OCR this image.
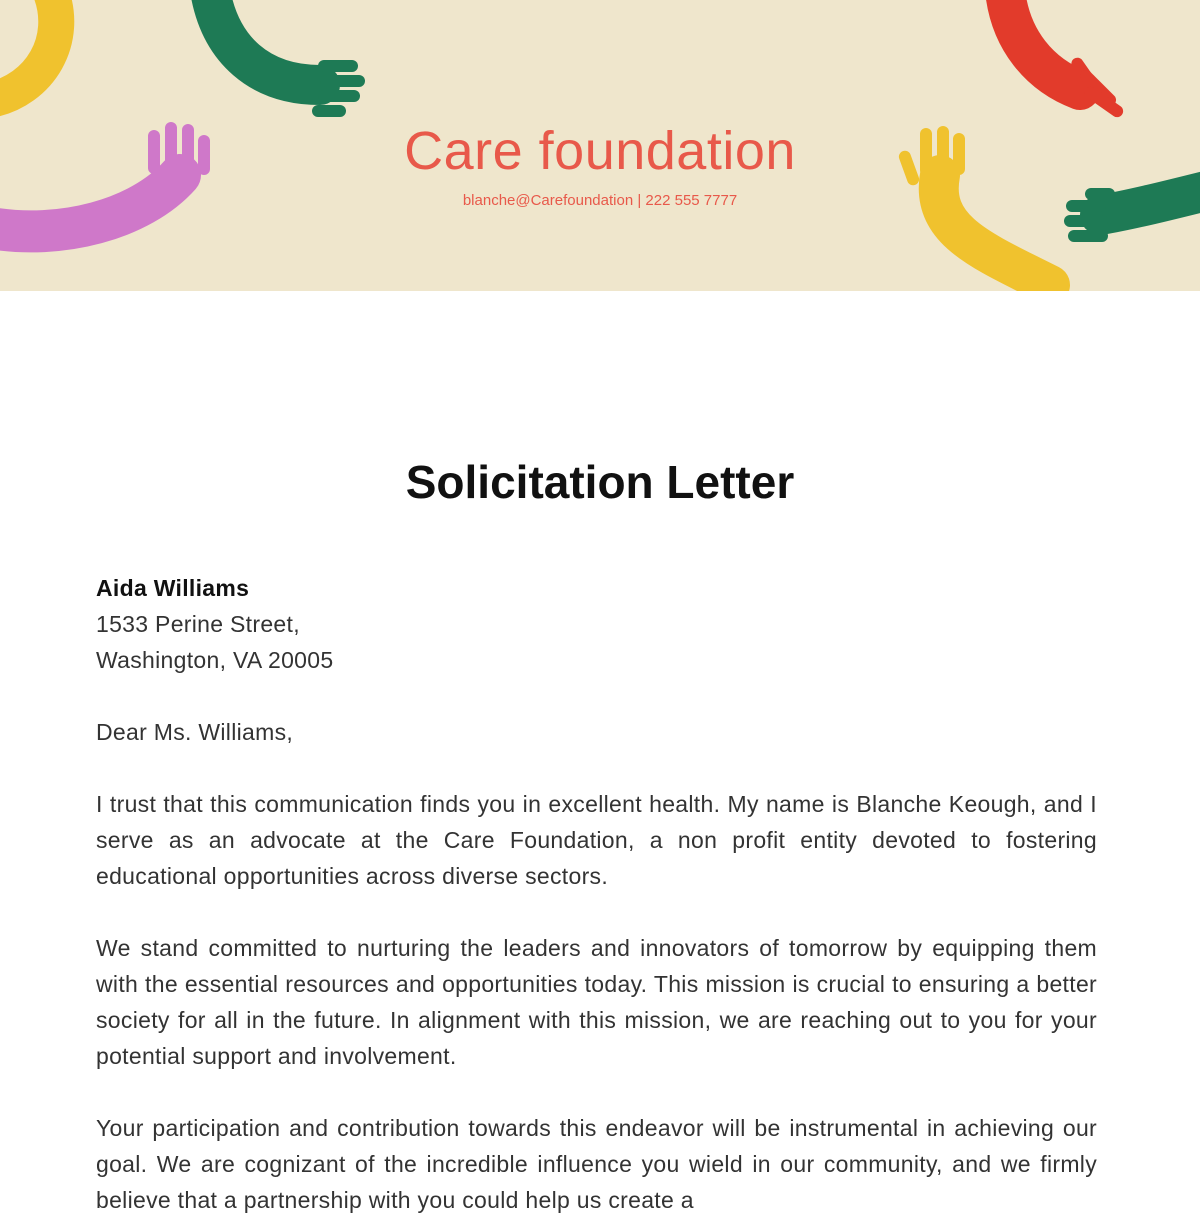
Care foundation
blanche@Carefoundation | 222 555 7777
Solicitation Letter

Aida Williams

1533 Perine Street,

Washington, VA 20005

Dear Ms. Williams,

I trust that this communication finds you in excellent health. My name is Blanche Keough, and I serve as an advocate at the Care Foundation, a non profit entity devoted to fostering educational opportunities across diverse sectors.

We stand committed to nurturing the leaders and innovators of tomorrow by equipping them with the essential resources and opportunities today. This mission is crucial to ensuring a better society for all in the future. In alignment with this mission, we are reaching out to you for your potential support and involvement.

Your participation and contribution towards this endeavor will be instrumental in achieving our goal. We are cognizant of the incredible influence you wield in our community, and we firmly believe that a partnership with you could help us create a
